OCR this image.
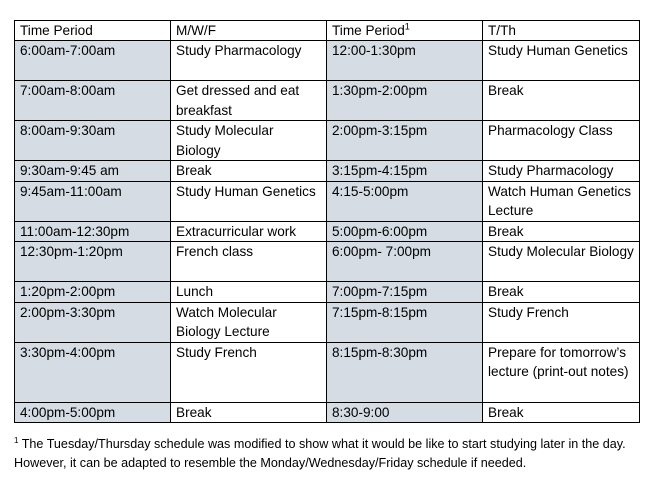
Time Period	M/W/F	Time Period$^1$	T/Th
6:00am-7:00am	Study Pharmacology	12:00-1:30pm	Study Human Genetics
7:00am-8:00am	Get dressed and eat breakfast	1:30pm-2:00pm	Break
8:00am-9:30am	Study Molecular Biology	2:00pm-3:15pm	Pharmacology Class
9:30am-9:45 am	Break	3:15pm-4:15pm	Study Pharmacology
9:45am-11:00am	Study Human Genetics	4:15-5:00pm	Watch Human Genetics Lecture
11:00am-12:30pm	Extracurricular work	5:00pm-6:00pm	Break
12:30pm-1:20pm	French class	6:00pm- 7:00pm	Study Molecular Biology
1:20pm-2:00pm	Lunch	7:00pm-7:15pm	Break
2:00pm-3:30pm	Watch Molecular Biology Lecture	7:15pm-8:15pm	Study French
3:30pm-4:00pm	Study French	8:15pm-8:30pm	Prepare for tomorrow’s lecture (print-out notes)
4:00pm-5:00pm	Break	8:30-9:00	Break
$^1$ The Tuesday/Thursday schedule was modified to show what it would be like to start studying later in the day. However, it can be adapted to resemble the Monday/Wednesday/Friday schedule if needed.
